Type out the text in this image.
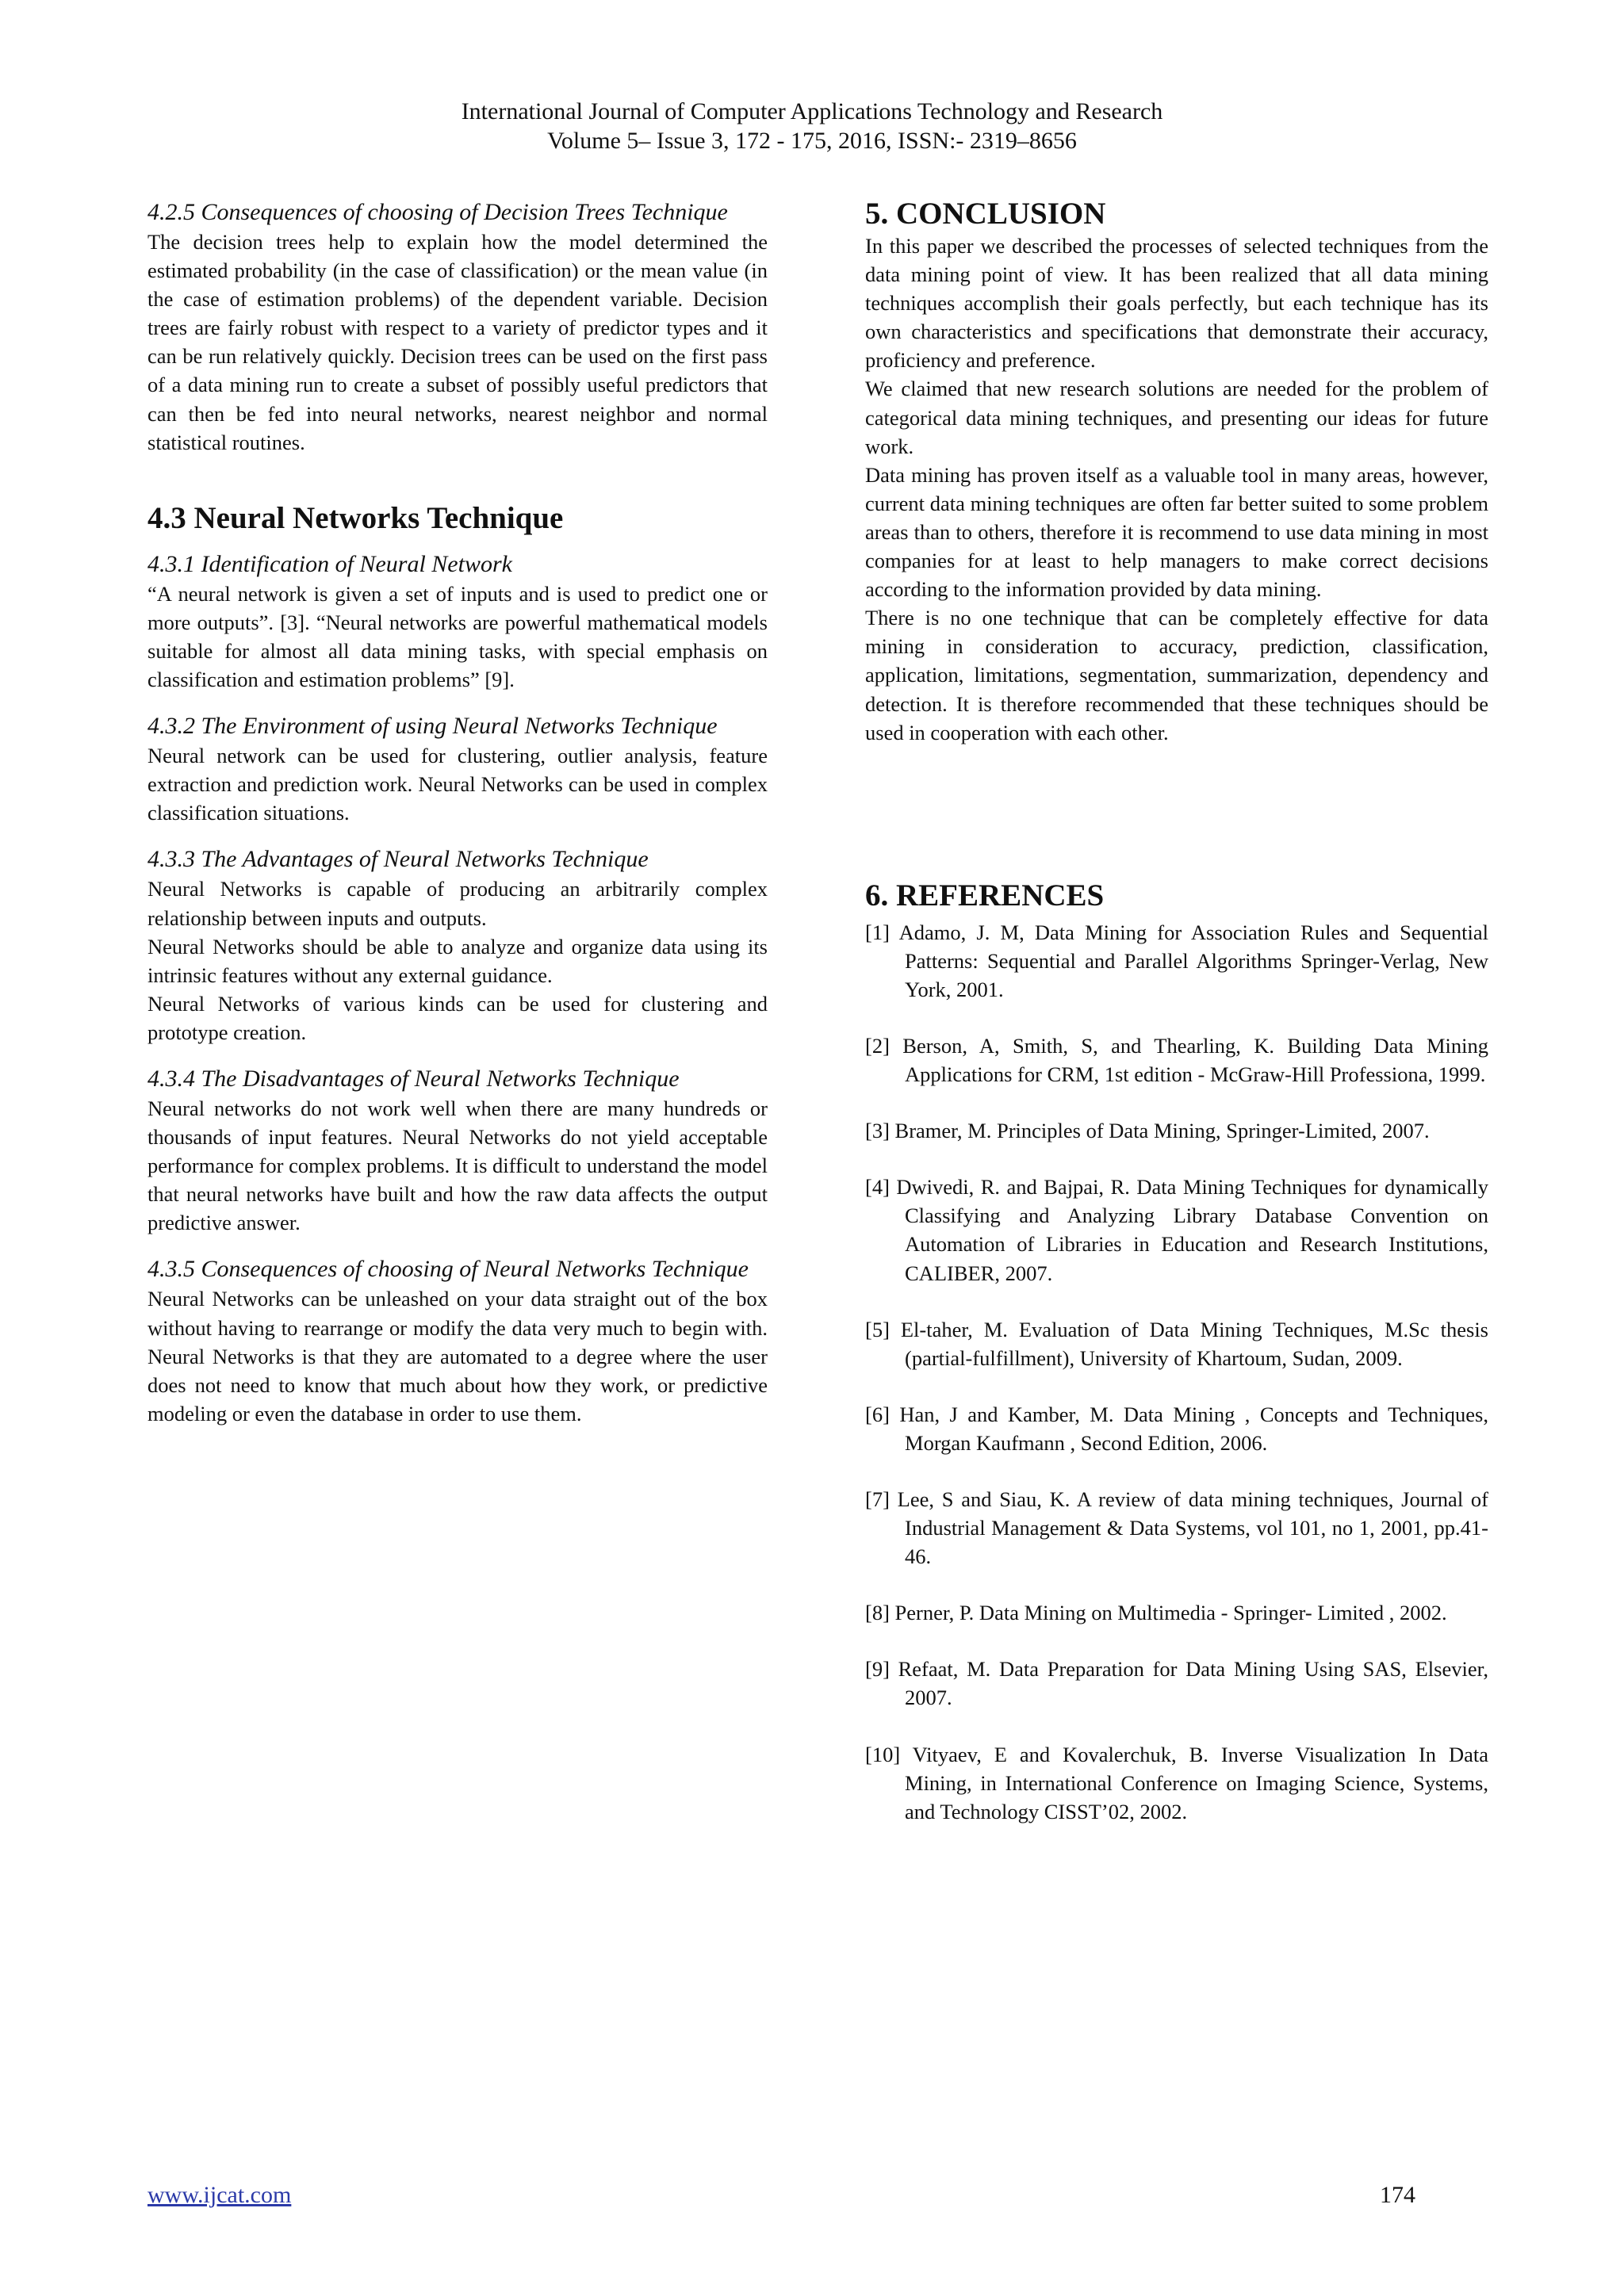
International Journal of Computer Applications Technology and Research
Volume 5– Issue 3, 172 - 175, 2016, ISSN:- 2319–8656
4.2.5 Consequences of choosing of Decision Trees Technique

The decision trees help to explain how the model determined the estimated probability (in the case of classification) or the mean value (in the case of estimation problems) of the dependent variable. Decision trees are fairly robust with respect to a variety of predictor types and it can be run relatively quickly. Decision trees can be used on the first pass of a data mining run to create a subset of possibly useful predictors that can then be fed into neural networks, nearest neighbor and normal statistical routines.

4.3 Neural Networks Technique
4.3.1 Identification of Neural Network

“A neural network is given a set of inputs and is used to predict one or more outputs”. [3]. “Neural networks are powerful mathematical models suitable for almost all data mining tasks, with special emphasis on classification and estimation problems” [9].

4.3.2 The Environment of using Neural Networks Technique

Neural network can be used for clustering, outlier analysis, feature extraction and prediction work. Neural Networks can be used in complex classification situations.

4.3.3 The Advantages of Neural Networks Technique

Neural Networks is capable of producing an arbitrarily complex relationship between inputs and outputs.

Neural Networks should be able to analyze and organize data using its intrinsic features without any external guidance.

Neural Networks of various kinds can be used for clustering and prototype creation.

4.3.4 The Disadvantages of Neural Networks Technique

Neural networks do not work well when there are many hundreds or thousands of input features. Neural Networks do not yield acceptable performance for complex problems. It is difficult to understand the model that neural networks have built and how the raw data affects the output predictive answer.

4.3.5 Consequences of choosing of Neural Networks Technique

Neural Networks can be unleashed on your data straight out of the box without having to rearrange or modify the data very much to begin with. Neural Networks is that they are automated to a degree where the user does not need to know that much about how they work, or predictive modeling or even the database in order to use them.

5. CONCLUSION

In this paper we described the processes of selected techniques from the data mining point of view. It has been realized that all data mining techniques accomplish their goals perfectly, but each technique has its own characteristics and specifications that demonstrate their accuracy, proficiency and preference.

We claimed that new research solutions are needed for the problem of categorical data mining techniques, and presenting our ideas for future work.

Data mining has proven itself as a valuable tool in many areas, however, current data mining techniques are often far better suited to some problem areas than to others, therefore it is recommend to use data mining in most companies for at least to help managers to make correct decisions according to the information provided by data mining.

There is no one technique that can be completely effective for data mining in consideration to accuracy, prediction, classification, application, limitations, segmentation, summarization, dependency and detection. It is therefore recommended that these techniques should be used in cooperation with each other.

6. REFERENCES
[1] Adamo, J. M, Data Mining for Association Rules and Sequential Patterns: Sequential and Parallel Algorithms Springer-Verlag, New York, 2001.
[2] Berson, A, Smith, S, and Thearling, K. Building Data Mining Applications for CRM, 1st edition - McGraw-Hill Professiona, 1999.
[3] Bramer, M. Principles of Data Mining, Springer-Limited, 2007.
[4] Dwivedi, R. and Bajpai, R. Data Mining Techniques for dynamically Classifying and Analyzing Library Database Convention on Automation of Libraries in Education and Research Institutions, CALIBER, 2007.
[5] El-taher, M. Evaluation of Data Mining Techniques, M.Sc thesis (partial-fulfillment), University of Khartoum, Sudan, 2009.
[6] Han, J and Kamber, M. Data Mining , Concepts and Techniques, Morgan Kaufmann , Second Edition, 2006.
[7] Lee, S and Siau, K. A review of data mining techniques, Journal of Industrial Management & Data Systems, vol 101, no 1, 2001, pp.41-46.
[8] Perner, P. Data Mining on Multimedia - Springer- Limited , 2002.
[9] Refaat, M. Data Preparation for Data Mining Using SAS, Elsevier, 2007.
[10] Vityaev, E and Kovalerchuk, B. Inverse Visualization In Data Mining, in International Conference on Imaging Science, Systems, and Technology CISST’02, 2002.
www.ijcat.com	174
